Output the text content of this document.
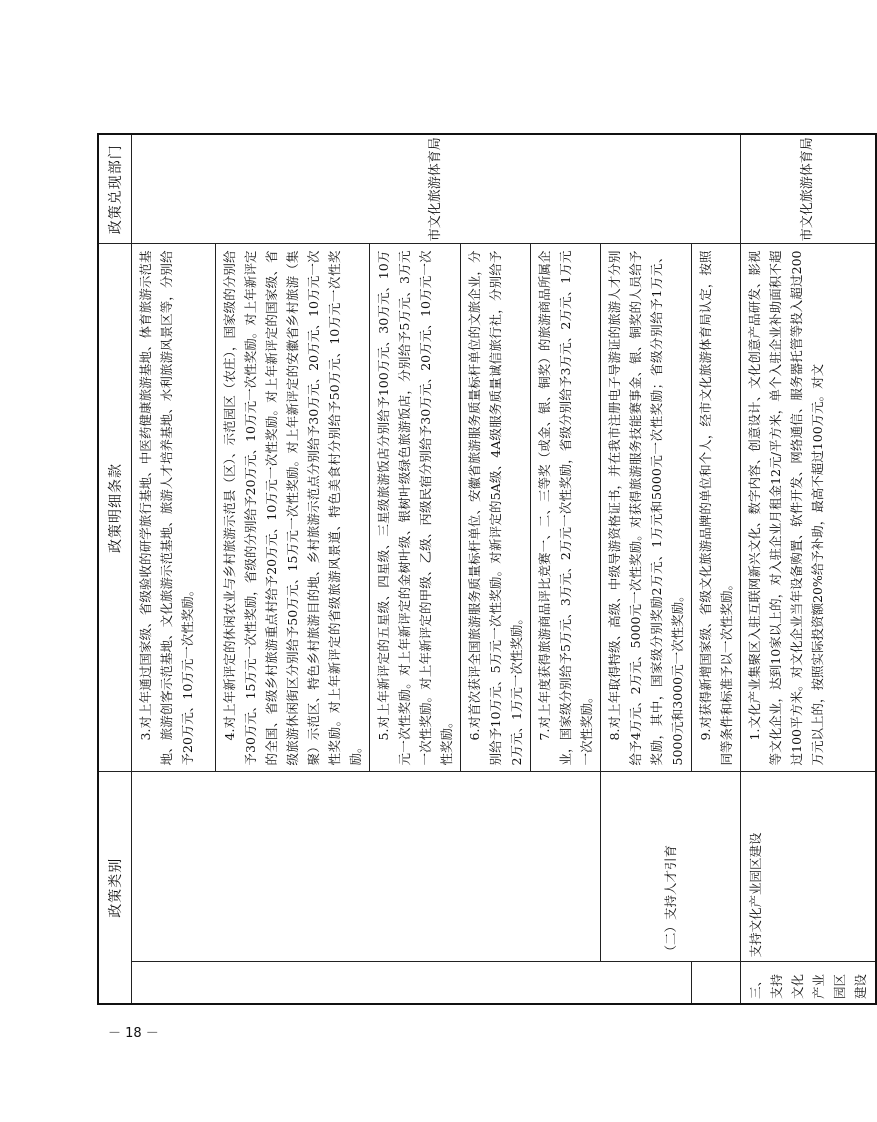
政策类别		政策明细条款	政策兑现部门

		3.对上年通过国家级、省级验收的研学旅行基地、中医药健康旅游基地、体育旅游示范基地、旅游创客示范基地、文化旅游示范基地、旅游人才培养基地、水利旅游风景区等，分别给予20万元、10万元一次性奖励。	市文化旅游体育局

		4.对上年新评定的休闲农业与乡村旅游示范县（区）、示范园区（农庄），国家级的分别给予30万元、15万元一次性奖励，省级的分别给予20万元、10万元一次性奖励。对上年新评定的全国、省级乡村旅游重点村给予20万元、10万元一次性奖励。对上年新评定的国家级、省级旅游休闲街区分别给予50万元、15万元一次性奖励。对上年新评定的安徽省乡村旅游（集聚）示范区、特色乡村旅游目的地、乡村旅游示范点分别给予30万元、20万元、10万元一次性奖励。对上年新评定的省级旅游风景道、特色美食村分别给予50万元、10万元一次性奖励。	

		5.对上年新评定的五星级、四星级、三星级旅游饭店分别给予100万元、30万元、10万元一次性奖励。对上年新评定的金树叶级、银树叶级绿色旅游饭店，分别给予5万元、3万元一次性奖励。对上年新评定的甲级、乙级、丙级民宿分别给予30万元、20万元、10万元一次性奖励。	

		6.对首次获评全国旅游服务质量标杆单位、安徽省旅游服务质量标杆单位的文旅企业，分别给予10万元、5万元一次性奖励。对新评定的5A级、4A级服务质量诚信旅行社，分别给予2万元、1万元一次性奖励。	

		7.对上年度获得旅游商品评比竞赛一、二、三等奖（或金、银、铜奖）的旅游商品所属企业，国家级分别给予5万元、3万元、2万元一次性奖励，省级分别给予3万元、2万元、1万元一次性奖励。	

	（二）支持人才引育	8.对上年取得特级、高级、中级导游资格证书，并在我市注册电子导游证的旅游人才分别给予4万元、2万元、5000元一次性奖励。对获得旅游服务技能赛事金、银、铜奖的人员给予奖励，其中，国家级分别奖励2万元、1万元和5000元一次性奖励；省级分别给予1万元、5000元和3000元一次性奖励。	

		9.对获得新增国家级、省级文化旅游品牌的单位和个人，经市文化旅游体育局认定，按照同等条件和标准予以一次性奖励。	

三、支持文化产业园区建设	支持文化产业园区建设	1.文化产业集聚区入驻互联网新兴文化、数字内容、创意设计、文化创意产品研发、影视等文化企业，达到10家以上的，对入驻企业月租金12元/平方米，单个入驻企业补助面积不超过100平方米。对文化企业当年设备购置、软件开发、网络通信、服务器托管等投入超过200万元以上的，按照实际投资额20%给予补助，最高不超过100万元。对文	市文化旅游体育局
－ 18 －
